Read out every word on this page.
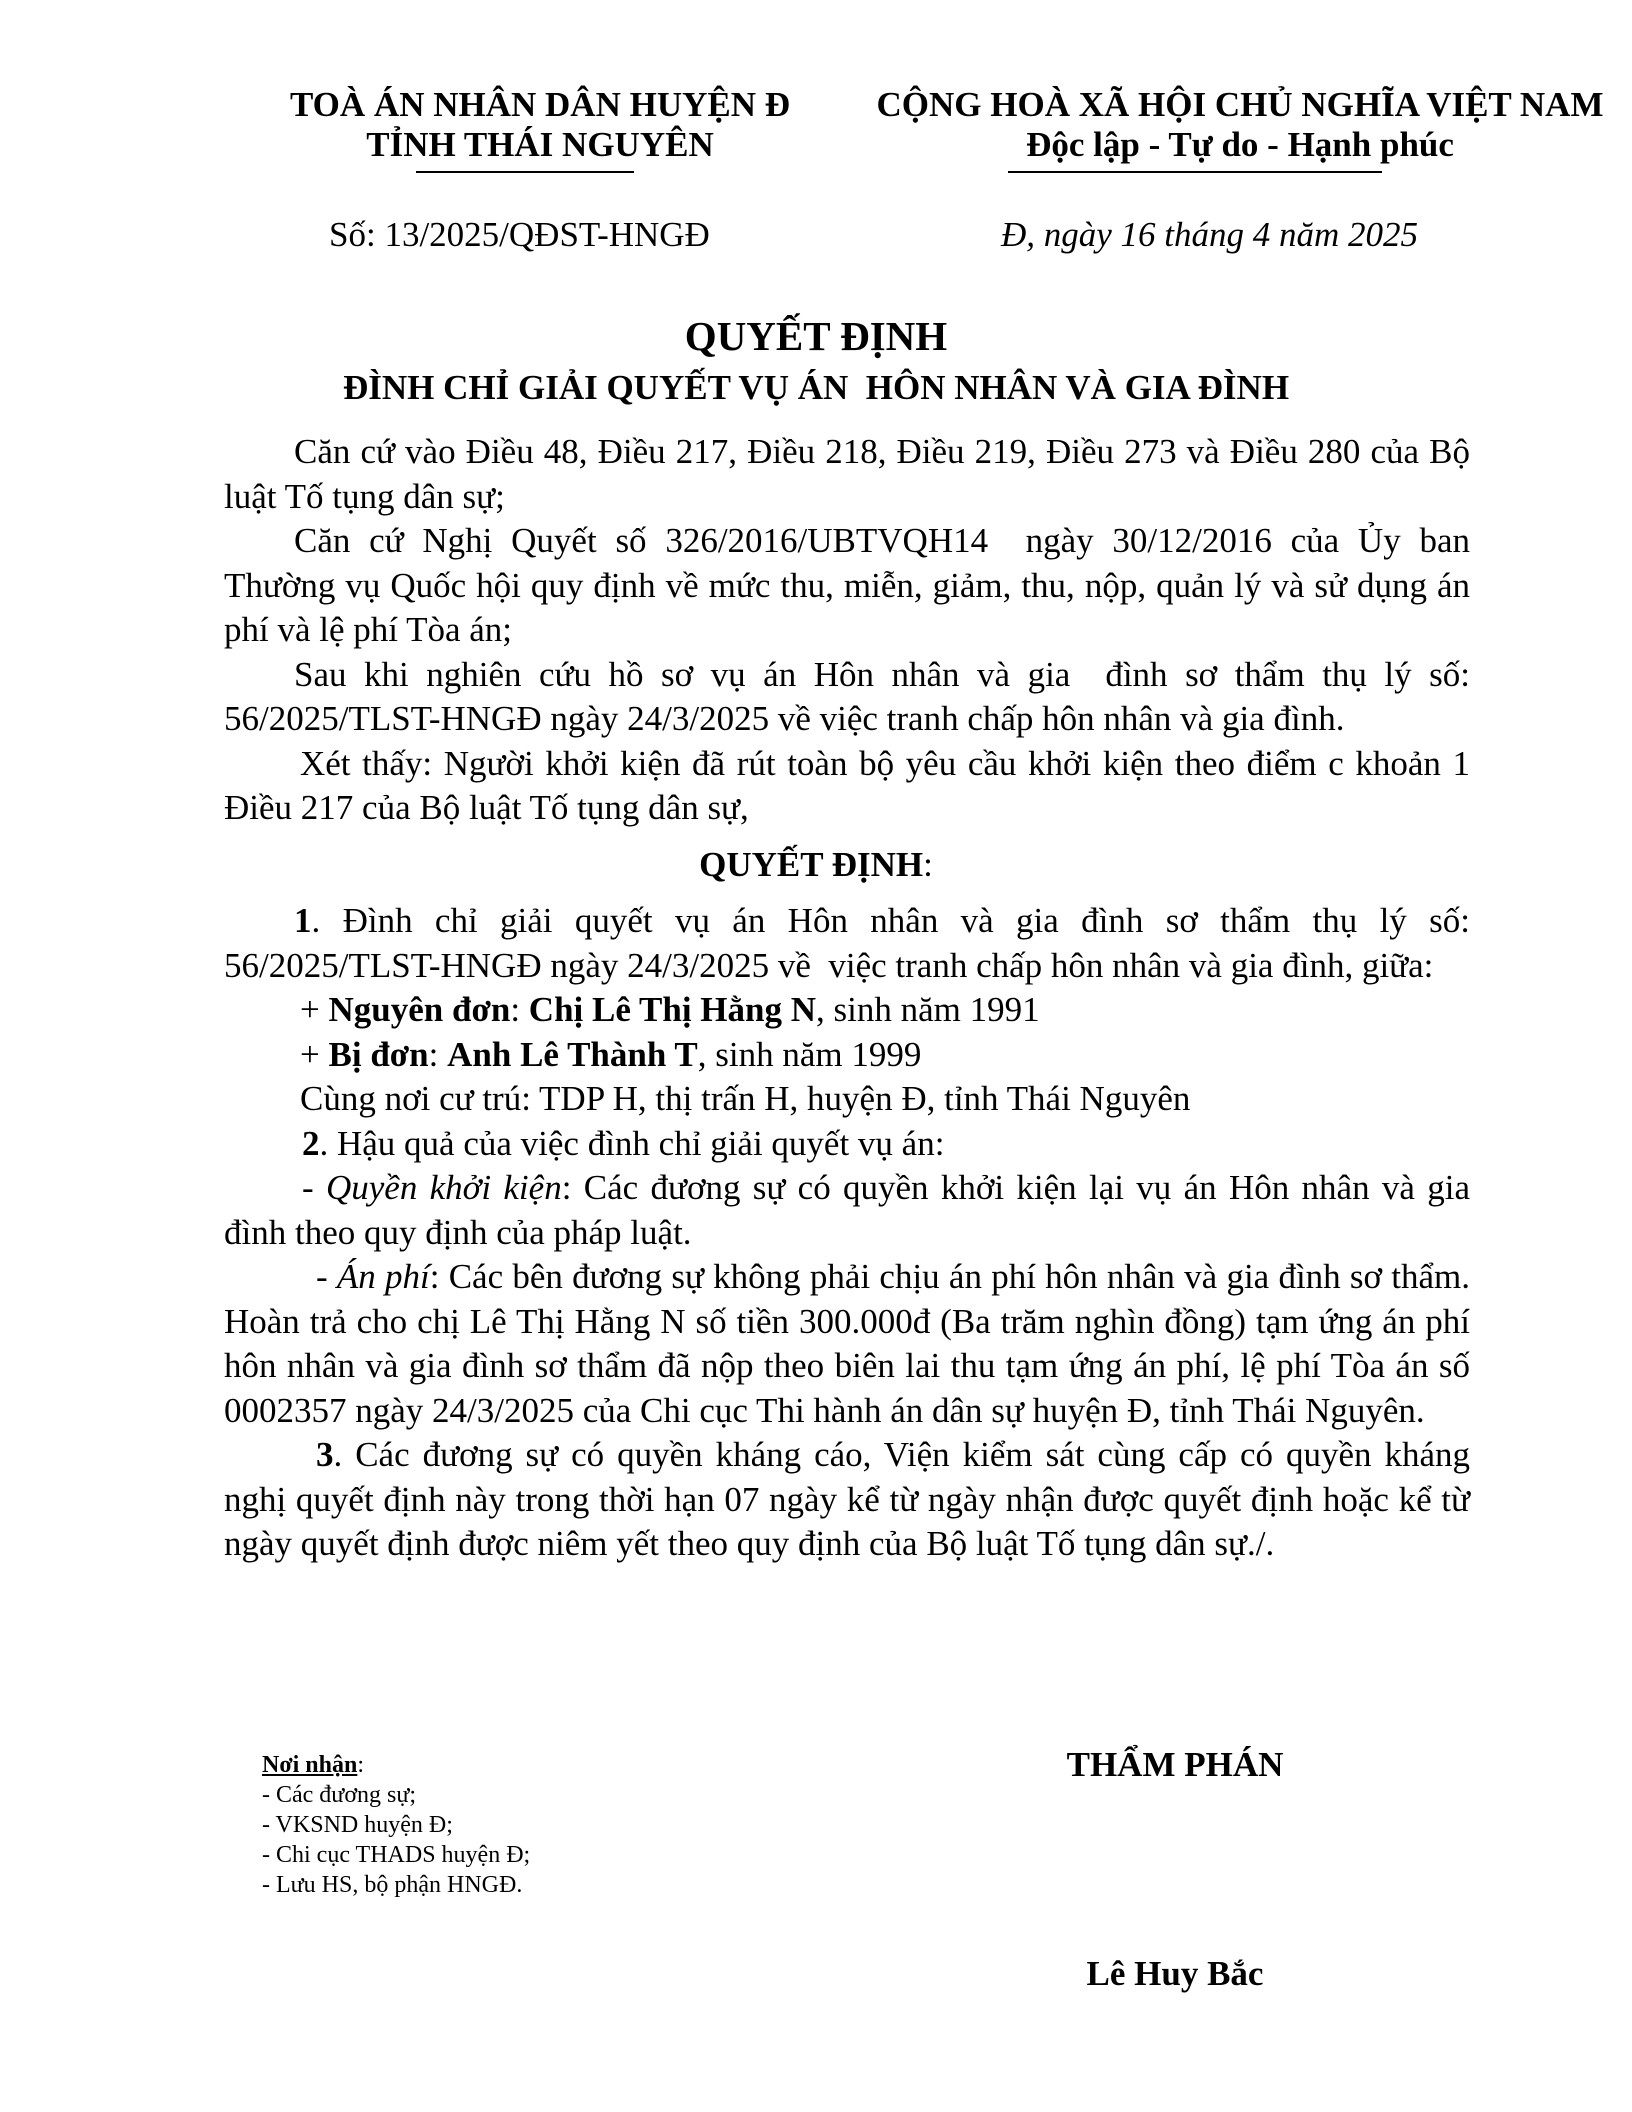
TOÀ ÁN NHÂN DÂN HUYỆN Đ
TỈNH THÁI NGUYÊN
CỘNG HOÀ XÃ HỘI CHỦ NGHĨA VIỆT NAM
Độc lập - Tự do - Hạnh phúc
Số: 13/2025/QĐST-HNGĐ	Đ, ngày 16 tháng 4 năm 2025
QUYẾT ĐỊNH
ĐÌNH CHỈ GIẢI QUYẾT VỤ ÁN  HÔN NHÂN VÀ GIA ĐÌNH

Căn cứ vào Điều 48, Điều 217, Điều 218, Điều 219, Điều 273 và Điều 280 của Bộ luật Tố tụng dân sự;

Căn cứ Nghị Quyết số 326/2016/UBTVQH14  ngày 30/12/2016 của Ủy ban Thường vụ Quốc hội quy định về mức thu, miễn, giảm, thu, nộp, quản lý và sử dụng án phí và lệ phí Tòa án;

Sau khi nghiên cứu hồ sơ vụ án Hôn nhân và gia  đình sơ thẩm thụ lý số: 56/2025/TLST-HNGĐ ngày 24/3/2025 về việc tranh chấp hôn nhân và gia đình.

Xét thấy: Người khởi kiện đã rút toàn bộ yêu cầu khởi kiện theo điểm c khoản 1 Điều 217 của Bộ luật Tố tụng dân sự,

QUYẾT ĐỊNH:

1. Đình chỉ giải quyết vụ án Hôn nhân và gia đình sơ thẩm thụ lý số: 56/2025/TLST-HNGĐ ngày 24/3/2025 về  việc tranh chấp hôn nhân và gia đình, giữa:

+ Nguyên đơn: Chị Lê Thị Hằng N, sinh năm 1991

+ Bị đơn: Anh Lê Thành T, sinh năm 1999

Cùng nơi cư trú: TDP H, thị trấn H, huyện Đ, tỉnh Thái Nguyên

2. Hậu quả của việc đình chỉ giải quyết vụ án:

- Quyền khởi kiện: Các đương sự có quyền khởi kiện lại vụ án Hôn nhân và gia đình theo quy định của pháp luật.

- Án phí: Các bên đương sự không phải chịu án phí hôn nhân và gia đình sơ thẩm. Hoàn trả cho chị Lê Thị Hằng N số tiền 300.000đ (Ba trăm nghìn đồng) tạm ứng án phí hôn nhân và gia đình sơ thẩm đã nộp theo biên lai thu tạm ứng án phí, lệ phí Tòa án số 0002357 ngày 24/3/2025 của Chi cục Thi hành án dân sự huyện Đ, tỉnh Thái Nguyên.

3. Các đương sự có quyền kháng cáo, Viện kiểm sát cùng cấp có quyền kháng nghị quyết định này trong thời hạn 07 ngày kể từ ngày nhận được quyết định hoặc kể từ ngày quyết định được niêm yết theo quy định của Bộ luật Tố tụng dân sự./.

Nơi nhận:
- Các đương sự;
- VKSND huyện Đ;
- Chi cục THADS huyện Đ;
- Lưu HS, bộ phận HNGĐ.
THẨM PHÁN
Lê Huy Bắc
